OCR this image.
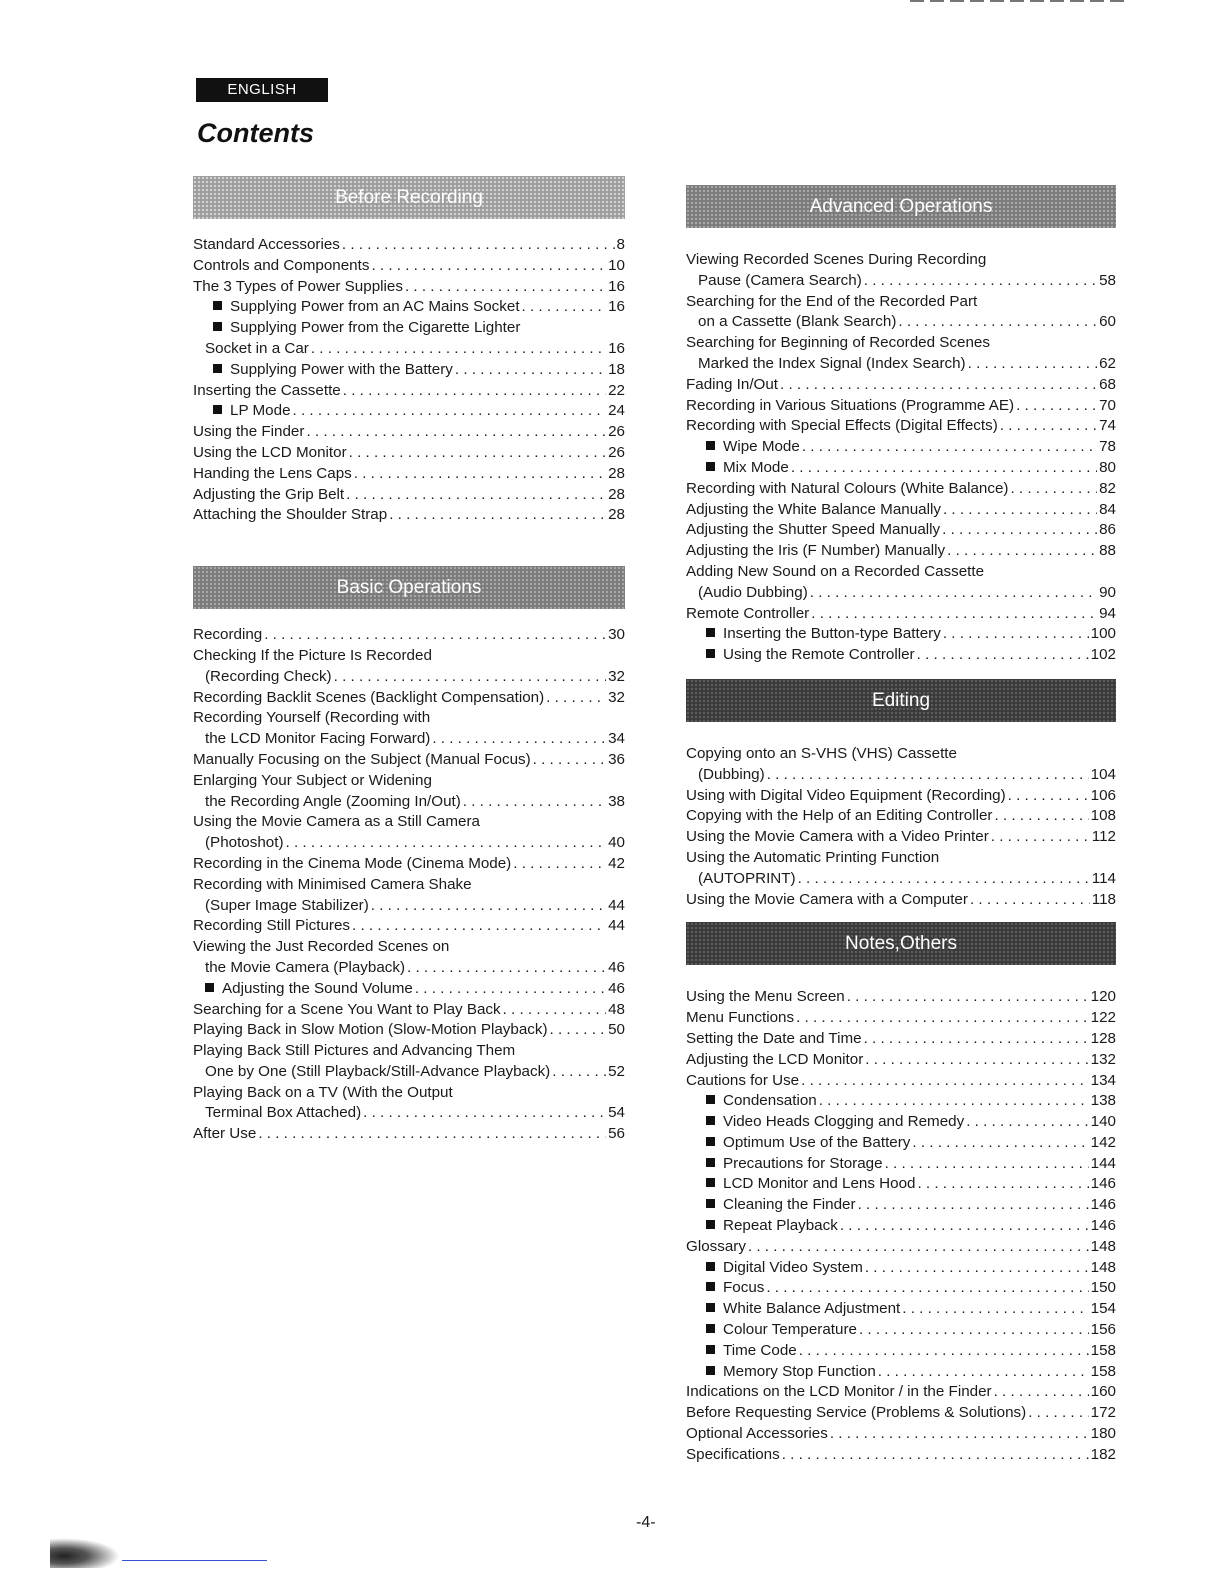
ENGLISH
Contents
Before Recording
Standard Accessories . . .	8
Controls and Components . . .	10
The 3 Types of Power Supplies . . .	16
Supplying Power from an AC Mains Socket . . .	16
Supplying Power from the Cigarette Lighter
Socket in a Car . . .	16
Supplying Power with the Battery . . .	18
Inserting the Cassette . . .	22
LP Mode . . .	24
Using the Finder . . .	26
Using the LCD Monitor . . .	26
Handing the Lens Caps . . .	28
Adjusting the Grip Belt . . .	28
Attaching the Shoulder Strap . . .	28
Basic Operations
Recording . . .	30
Checking If the Picture Is Recorded
(Recording Check) . . .	32
Recording Backlit Scenes (Backlight Compensation) . . .	32
Recording Yourself (Recording with
the LCD Monitor Facing Forward) . . .	34
Manually Focusing on the Subject (Manual Focus) . . .	36
Enlarging Your Subject or Widening
the Recording Angle (Zooming In/Out) . . .	38
Using the Movie Camera as a Still Camera
(Photoshot) . . .	40
Recording in the Cinema Mode (Cinema Mode) . . .	42
Recording with Minimised Camera Shake
(Super Image Stabilizer) . . .	44
Recording Still Pictures . . .	44
Viewing the Just Recorded Scenes on
the Movie Camera (Playback) . . .	46
Adjusting the Sound Volume . . .	46
Searching for a Scene You Want to Play Back . . .	48
Playing Back in Slow Motion (Slow-Motion Playback) . . .	50
Playing Back Still Pictures and Advancing Them
One by One (Still Playback/Still-Advance Playback) . . .	52
Playing Back on a TV (With the Output
Terminal Box Attached) . . .	54
After Use . . .	56
Advanced Operations
Viewing Recorded Scenes During Recording
Pause (Camera Search) . . .	58
Searching for the End of the Recorded Part
on a Cassette (Blank Search) . . .	60
Searching for Beginning of Recorded Scenes
Marked the Index Signal (Index Search) . . .	62
Fading In/Out . . .	68
Recording in Various Situations (Programme AE) . . .	70
Recording with Special Effects (Digital Effects) . . .	74
Wipe Mode . . .	78
Mix Mode . . .	80
Recording with Natural Colours (White Balance) . . .	82
Adjusting the White Balance Manually . . .	84
Adjusting the Shutter Speed Manually . . .	86
Adjusting the Iris (F Number) Manually . . .	88
Adding New Sound on a Recorded Cassette
(Audio Dubbing) . . .	90
Remote Controller . . .	94
Inserting the Button-type Battery . . .	100
Using the Remote Controller . . .	102
Editing
Copying onto an S-VHS (VHS) Cassette
(Dubbing) . . .	104
Using with Digital Video Equipment (Recording) . . .	106
Copying with the Help of an Editing Controller . . .	108
Using the Movie Camera with a Video Printer . . .	112
Using the Automatic Printing Function
(AUTOPRINT) . . .	114
Using the Movie Camera with a Computer . . .	118
Notes,Others
Using the Menu Screen . . .	120
Menu Functions . . .	122
Setting the Date and Time . . .	128
Adjusting the LCD Monitor . . .	132
Cautions for Use . . .	134
Condensation . . .	138
Video Heads Clogging and Remedy . . .	140
Optimum Use of the Battery . . .	142
Precautions for Storage . . .	144
LCD Monitor and Lens Hood . . .	146
Cleaning the Finder . . .	146
Repeat Playback . . .	146
Glossary . . .	148
Digital Video System . . .	148
Focus . . .	150
White Balance Adjustment . . .	154
Colour Temperature . . .	156
Time Code . . .	158
Memory Stop Function . . .	158
Indications on the LCD Monitor / in the Finder . . .	160
Before Requesting Service (Problems & Solutions) . . .	172
Optional Accessories . . .	180
Specifications . . .	182
-4-
